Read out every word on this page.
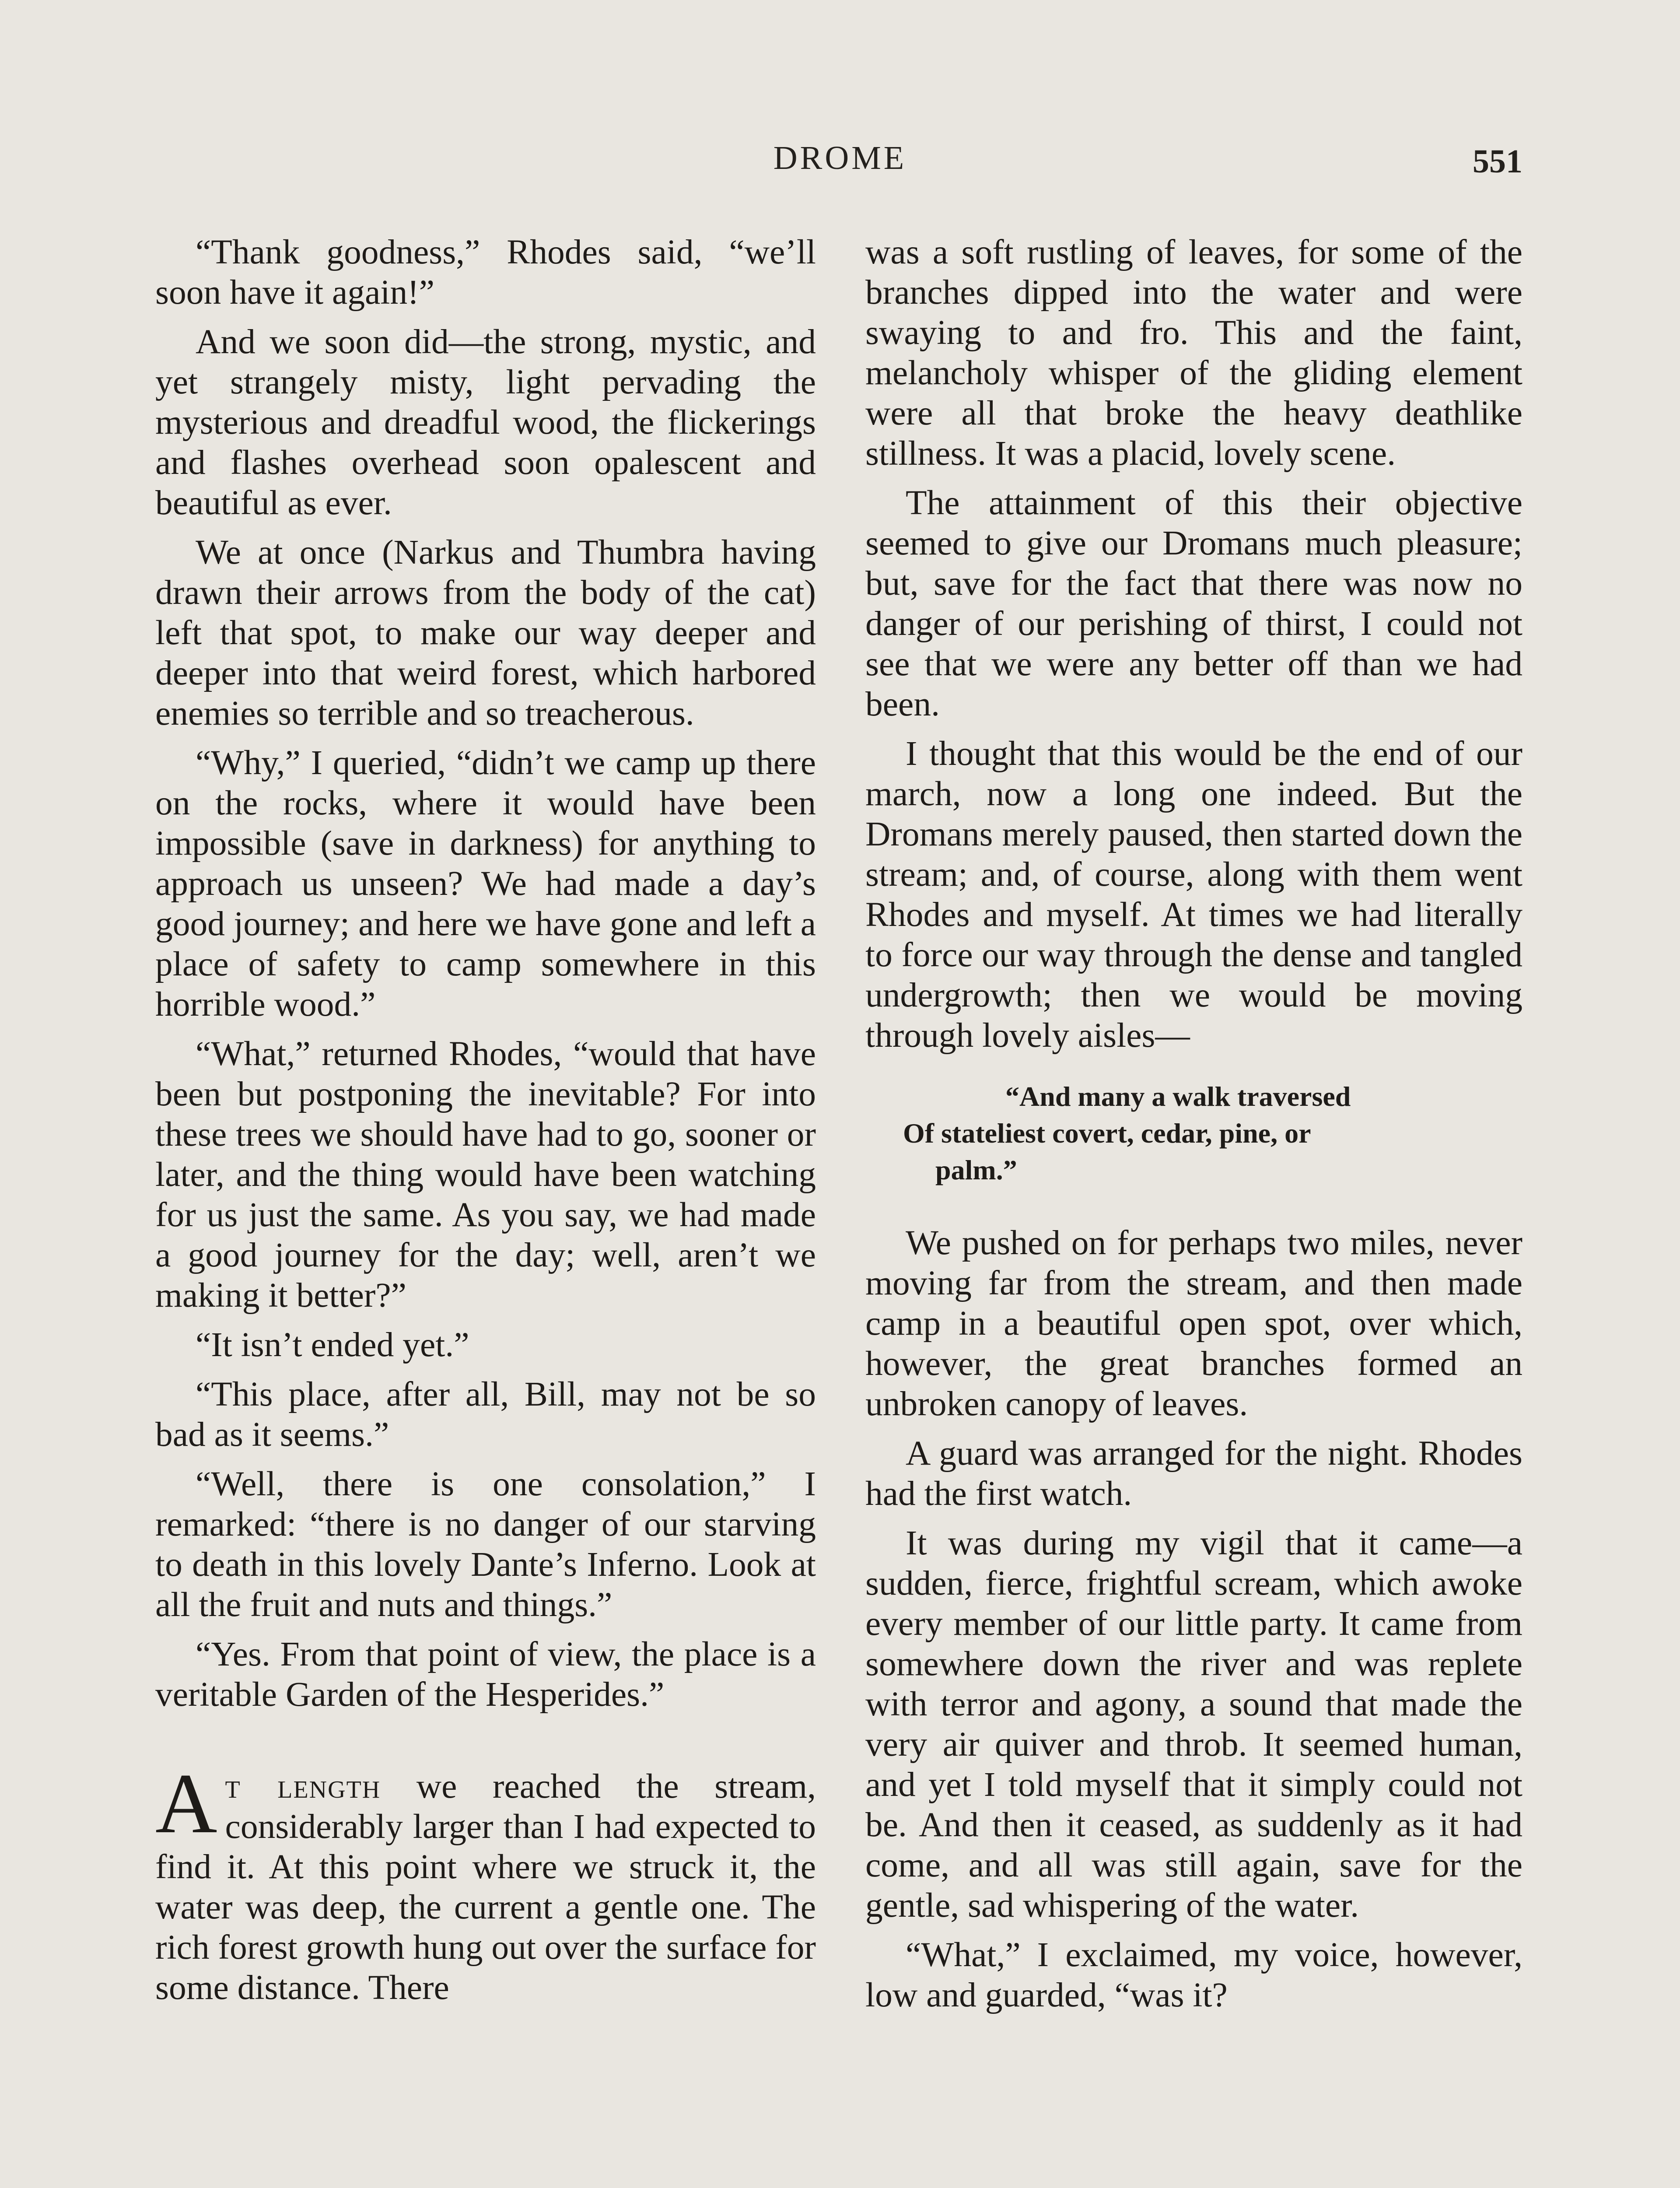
DROME	551

“Thank goodness,” Rhodes said, “we’ll soon have it again!”

And we soon did—the strong, mystic, and yet strangely misty, light pervading the mysterious and dreadful wood, the flickerings and flashes overhead soon opalescent and beautiful as ever.

We at once (Narkus and Thumbra having drawn their arrows from the body of the cat) left that spot, to make our way deeper and deeper into that weird forest, which harbored enemies so terrible and so treacherous.

“Why,” I queried, “didn’t we camp up there on the rocks, where it would have been impossible (save in darkness) for anything to approach us unseen? We had made a day’s good journey; and here we have gone and left a place of safety to camp somewhere in this horrible wood.”

“What,” returned Rhodes, “would that have been but postponing the inevitable? For into these trees we should have had to go, sooner or later, and the thing would have been watching for us just the same. As you say, we had made a good journey for the day; well, aren’t we making it better?”

“It isn’t ended yet.”

“This place, after all, Bill, may not be so bad as it seems.”

“Well, there is one consolation,” I remarked: “there is no danger of our starving to death in this lovely Dante’s Inferno. Look at all the fruit and nuts and things.”

“Yes. From that point of view, the place is a veritable Garden of the Hesperides.”

At length we reached the stream, considerably larger than I had expected to find it. At this point where we struck it, the water was deep, the current a gentle one. The rich forest growth hung out over the surface for some distance. There

was a soft rustling of leaves, for some of the branches dipped into the water and were swaying to and fro. This and the faint, melancholy whisper of the gliding element were all that broke the heavy deathlike stillness. It was a placid, lovely scene.

The attainment of this their objective seemed to give our Dromans much pleasure; but, save for the fact that there was now no danger of our perishing of thirst, I could not see that we were any better off than we had been.

I thought that this would be the end of our march, now a long one indeed. But the Dromans merely paused, then started down the stream; and, of course, along with them went Rhodes and myself. At times we had literally to force our way through the dense and tangled undergrowth; then we would be moving through lovely aisles—

“And many a walk traversed
Of stateliest covert, cedar, pine, or
palm.”

We pushed on for perhaps two miles, never moving far from the stream, and then made camp in a beautiful open spot, over which, however, the great branches formed an unbroken canopy of leaves.

A guard was arranged for the night. Rhodes had the first watch.

It was during my vigil that it came—a sudden, fierce, frightful scream, which awoke every member of our little party. It came from somewhere down the river and was replete with terror and agony, a sound that made the very air quiver and throb. It seemed human, and yet I told myself that it simply could not be. And then it ceased, as suddenly as it had come, and all was still again, save for the gentle, sad whispering of the water.

“What,” I exclaimed, my voice, however, low and guarded, “was it?
